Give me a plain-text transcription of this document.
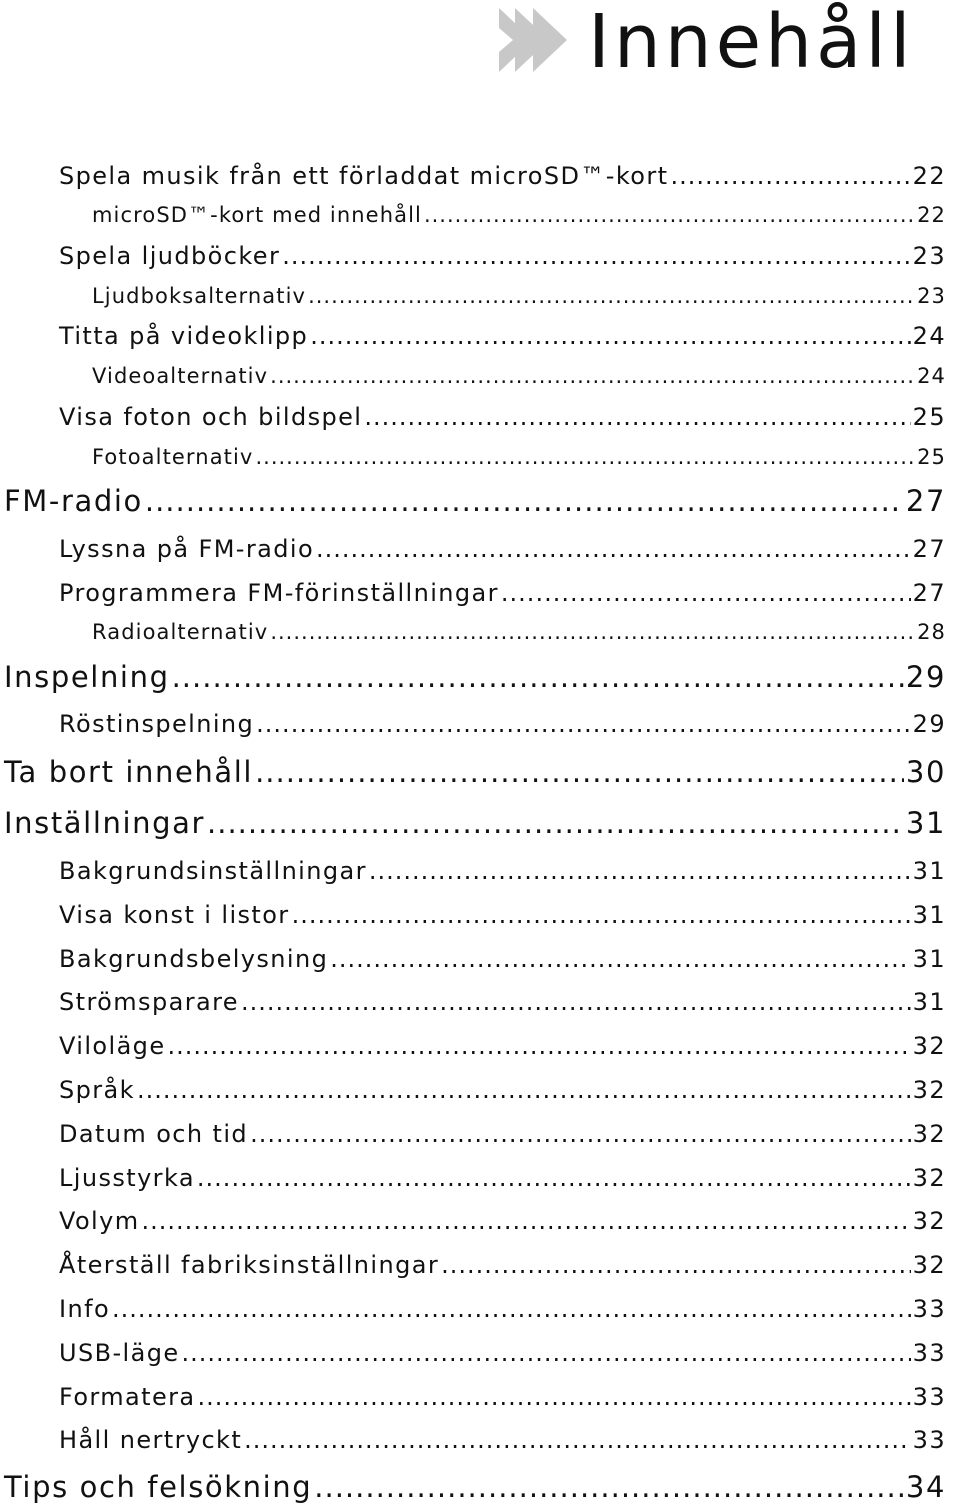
Innehåll
Spela musik från ett förladdat microSD™-kort .....	22
microSD™-kort med innehåll .....	22
Spela ljudböcker .....	23
Ljudboksalternativ .....	23
Titta på videoklipp .....	24
Videoalternativ .....	24
Visa foton och bildspel .....	25
Fotoalternativ .....	25
FM-radio .....	27
Lyssna på FM-radio .....	27
Programmera FM-förinställningar .....	27
Radioalternativ .....	28
Inspelning .....	29
Röstinspelning .....	29
Ta bort innehåll .....	30
Inställningar .....	31
Bakgrundsinställningar .....	31
Visa konst i listor .....	31
Bakgrundsbelysning .....	31
Strömsparare .....	31
Viloläge .....	32
Språk .....	32
Datum och tid .....	32
Ljusstyrka .....	32
Volym .....	32
Återställ fabriksinställningar .....	32
Info .....	33
USB-läge .....	33
Formatera .....	33
Håll nertryckt .....	33
Tips och felsökning .....	34
